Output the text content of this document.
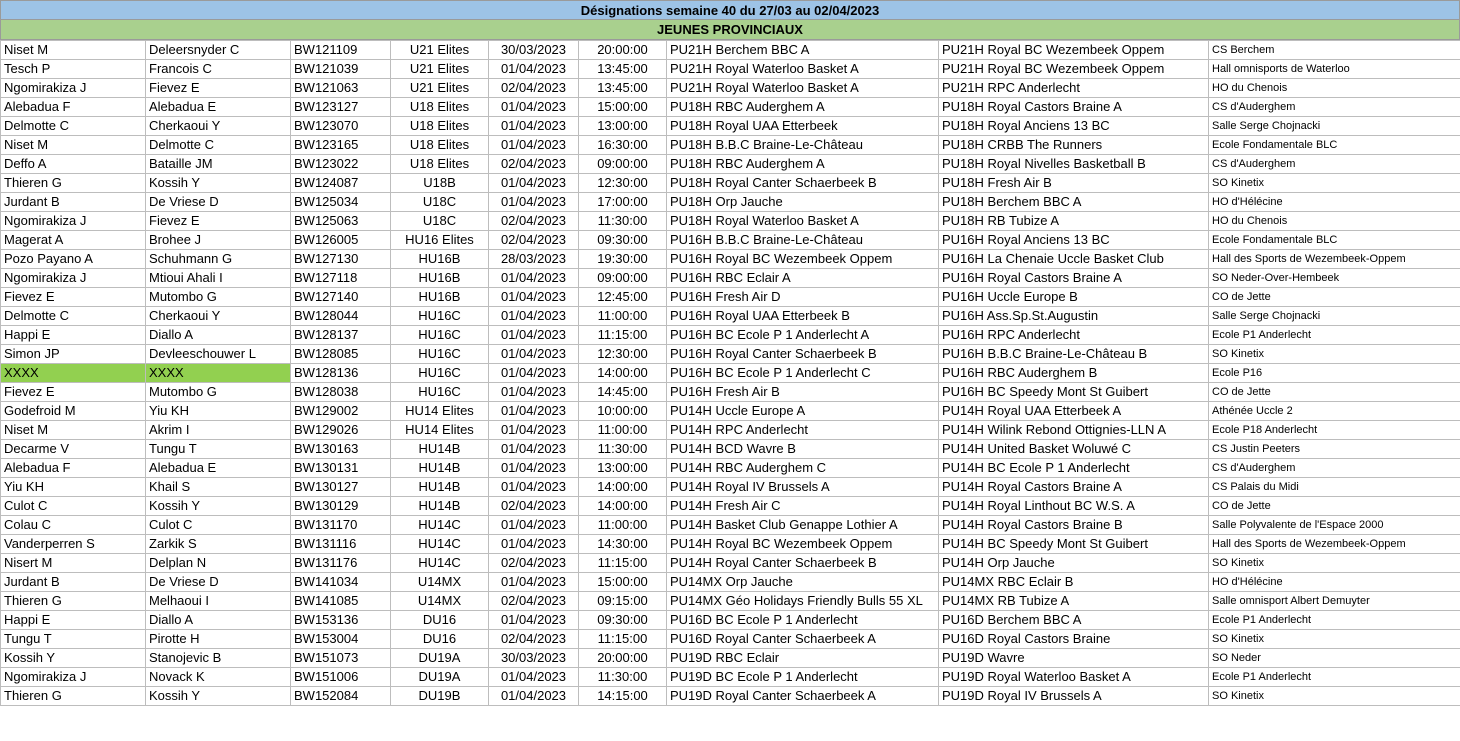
Désignations semaine 40 du 27/03 au 02/04/2023
JEUNES PROVINCIAUX
Niset M	Deleersnyder C	BW121109	U21 Elites	30/03/2023	20:00:00	PU21H Berchem BBC A	PU21H Royal BC Wezembeek Oppem	CS Berchem
Tesch P	Francois C	BW121039	U21 Elites	01/04/2023	13:45:00	PU21H Royal Waterloo Basket A	PU21H Royal BC Wezembeek Oppem	Hall omnisports de Waterloo
Ngomirakiza J	Fievez E	BW121063	U21 Elites	02/04/2023	13:45:00	PU21H Royal Waterloo Basket A	PU21H RPC Anderlecht	HO du Chenois
Alebadua F	Alebadua E	BW123127	U18 Elites	01/04/2023	15:00:00	PU18H RBC Auderghem A	PU18H Royal Castors Braine A	CS d'Auderghem
Delmotte C	Cherkaoui Y	BW123070	U18 Elites	01/04/2023	13:00:00	PU18H Royal UAA Etterbeek	PU18H Royal Anciens 13 BC	Salle Serge Chojnacki
Niset M	Delmotte C	BW123165	U18 Elites	01/04/2023	16:30:00	PU18H B.B.C Braine-Le-Château	PU18H CRBB The Runners	Ecole Fondamentale BLC
Deffo A	Bataille JM	BW123022	U18 Elites	02/04/2023	09:00:00	PU18H RBC Auderghem A	PU18H Royal Nivelles Basketball B	CS d'Auderghem
Thieren G	Kossih Y	BW124087	U18B	01/04/2023	12:30:00	PU18H Royal Canter Schaerbeek B	PU18H Fresh Air B	SO Kinetix
Jurdant B	De Vriese D	BW125034	U18C	01/04/2023	17:00:00	PU18H Orp Jauche	PU18H Berchem BBC A	HO d'Hélécine
Ngomirakiza J	Fievez E	BW125063	U18C	02/04/2023	11:30:00	PU18H Royal Waterloo Basket A	PU18H RB Tubize A	HO du Chenois
Magerat A	Brohee J	BW126005	HU16 Elites	02/04/2023	09:30:00	PU16H B.B.C Braine-Le-Château	PU16H Royal Anciens 13 BC	Ecole Fondamentale BLC
Pozo Payano A	Schuhmann G	BW127130	HU16B	28/03/2023	19:30:00	PU16H Royal BC Wezembeek Oppem	PU16H La Chenaie Uccle Basket Club	Hall des Sports de Wezembeek-Oppem
Ngomirakiza J	Mtioui Ahali I	BW127118	HU16B	01/04/2023	09:00:00	PU16H RBC Eclair A	PU16H Royal Castors Braine A	SO Neder-Over-Hembeek
Fievez E	Mutombo G	BW127140	HU16B	01/04/2023	12:45:00	PU16H Fresh Air D	PU16H Uccle Europe B	CO de Jette
Delmotte C	Cherkaoui Y	BW128044	HU16C	01/04/2023	11:00:00	PU16H Royal UAA Etterbeek B	PU16H Ass.Sp.St.Augustin	Salle Serge Chojnacki
Happi E	Diallo A	BW128137	HU16C	01/04/2023	11:15:00	PU16H BC Ecole P 1 Anderlecht A	PU16H RPC Anderlecht	Ecole P1 Anderlecht
Simon JP	Devleeschouwer L	BW128085	HU16C	01/04/2023	12:30:00	PU16H Royal Canter Schaerbeek B	PU16H B.B.C Braine-Le-Château B	SO Kinetix
XXXX	XXXX	BW128136	HU16C	01/04/2023	14:00:00	PU16H BC Ecole P 1 Anderlecht C	PU16H RBC Auderghem B	Ecole P16
Fievez E	Mutombo G	BW128038	HU16C	01/04/2023	14:45:00	PU16H Fresh Air B	PU16H BC Speedy Mont St Guibert	CO de Jette
Godefroid M	Yiu KH	BW129002	HU14 Elites	01/04/2023	10:00:00	PU14H Uccle Europe A	PU14H Royal UAA Etterbeek A	Athénée Uccle 2
Niset M	Akrim I	BW129026	HU14 Elites	01/04/2023	11:00:00	PU14H RPC Anderlecht	PU14H Wilink Rebond Ottignies-LLN A	Ecole P18 Anderlecht
Decarme V	Tungu T	BW130163	HU14B	01/04/2023	11:30:00	PU14H BCD Wavre B	PU14H United Basket Woluwé C	CS Justin Peeters
Alebadua F	Alebadua E	BW130131	HU14B	01/04/2023	13:00:00	PU14H RBC Auderghem C	PU14H BC Ecole P 1 Anderlecht	CS d'Auderghem
Yiu KH	Khail S	BW130127	HU14B	01/04/2023	14:00:00	PU14H Royal IV Brussels A	PU14H Royal Castors Braine A	CS Palais du Midi
Culot C	Kossih Y	BW130129	HU14B	02/04/2023	14:00:00	PU14H Fresh Air C	PU14H Royal Linthout BC W.S. A	CO de Jette
Colau C	Culot C	BW131170	HU14C	01/04/2023	11:00:00	PU14H Basket Club Genappe Lothier A	PU14H Royal Castors Braine B	Salle Polyvalente de l'Espace 2000
Vanderperren S	Zarkik S	BW131116	HU14C	01/04/2023	14:30:00	PU14H Royal BC Wezembeek Oppem	PU14H BC Speedy Mont St Guibert	Hall des Sports de Wezembeek-Oppem
Nisert M	Delplan N	BW131176	HU14C	02/04/2023	11:15:00	PU14H Royal Canter Schaerbeek B	PU14H Orp Jauche	SO Kinetix
Jurdant B	De Vriese D	BW141034	U14MX	01/04/2023	15:00:00	PU14MX Orp Jauche	PU14MX RBC Eclair B	HO d'Hélécine
Thieren G	Melhaoui I	BW141085	U14MX	02/04/2023	09:15:00	PU14MX Géo Holidays Friendly Bulls 55 XL	PU14MX RB Tubize A	Salle omnisport Albert Demuyter
Happi E	Diallo A	BW153136	DU16	01/04/2023	09:30:00	PU16D BC Ecole P 1 Anderlecht	PU16D Berchem BBC A	Ecole P1 Anderlecht
Tungu T	Pirotte H	BW153004	DU16	02/04/2023	11:15:00	PU16D Royal Canter Schaerbeek A	PU16D Royal Castors Braine	SO Kinetix
Kossih Y	Stanojevic B	BW151073	DU19A	30/03/2023	20:00:00	PU19D RBC Eclair	PU19D Wavre	SO Neder
Ngomirakiza J	Novack K	BW151006	DU19A	01/04/2023	11:30:00	PU19D BC Ecole P 1 Anderlecht	PU19D Royal Waterloo Basket A	Ecole P1 Anderlecht
Thieren G	Kossih Y	BW152084	DU19B	01/04/2023	14:15:00	PU19D Royal Canter Schaerbeek A	PU19D Royal IV Brussels A	SO Kinetix
